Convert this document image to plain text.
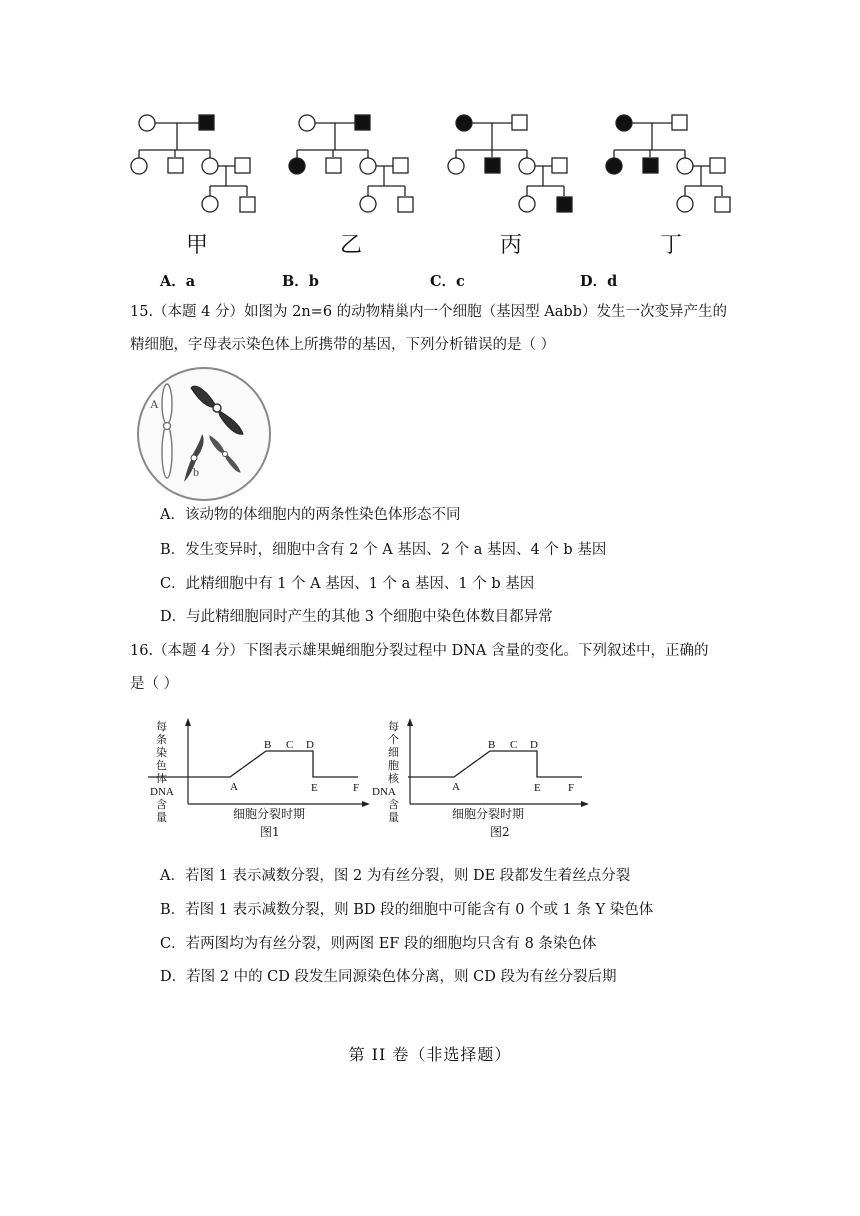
甲	乙	丙	丁
A．a	B．b	C．c	D．d
15.（本题 4 分）如图为 2n=6 的动物精巢内一个细胞（基因型 Aabb）发生一次变异产生的
精细胞，字母表示染色体上所携带的基因，下列分析错误的是（ ）
A
b
A．该动物的体细胞内的两条性染色体形态不同
B．发生变异时，细胞中含有 2 个 A 基因、2 个 a 基因、4 个 b 基因
C．此精细胞中有 1 个 A 基因、1 个 a 基因、1 个 b 基因
D．与此精细胞同时产生的其他 3 个细胞中染色体数目都异常
16.（本题 4 分）下图表示雄果蝇细胞分裂过程中 DNA 含量的变化。下列叙述中，正确的
是（ ）
每
条
染
色
体
DNA
含
量
A
B C D
E	F
细胞分裂时期
图1
每
个
细
胞
核
DNA
含
量
A
B C D
E F
细胞分裂时期
图2
A．若图 1 表示减数分裂，图 2 为有丝分裂，则 DE 段都发生着丝点分裂
B．若图 1 表示减数分裂，则 BD 段的细胞中可能含有 0 个或 1 条 Y 染色体
C．若两图均为有丝分裂，则两图 EF 段的细胞均只含有 8 条染色体
D．若图 2 中的 CD 段发生同源染色体分离，则 CD 段为有丝分裂后期
第 II 卷（非选择题）
